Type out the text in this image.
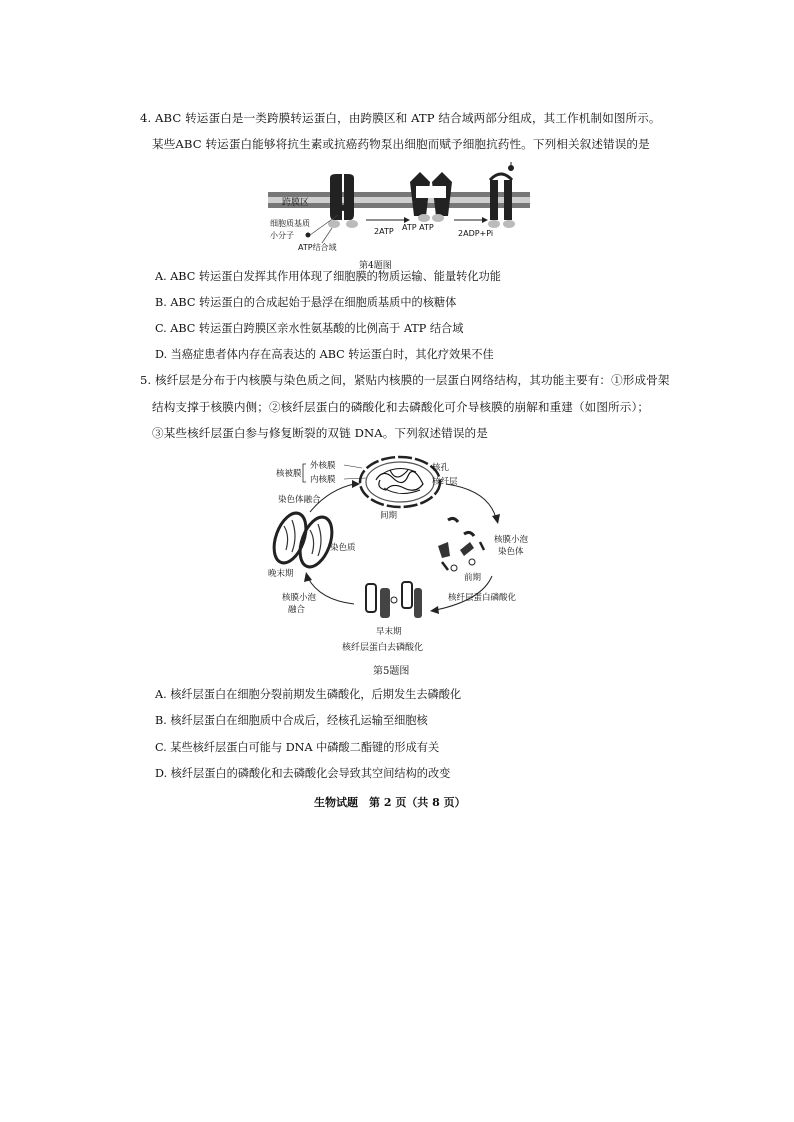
4. ABC 转运蛋白是一类跨膜转运蛋白，由跨膜区和 ATP 结合域两部分组成，其工作机制如图所示。
某些ABC 转运蛋白能够将抗生素或抗癌药物泵出细胞而赋予细胞抗药性。下列相关叙述错误的是
跨膜区
细胞质基质
小分子
ATP结合域
2ATP ATP ATP
2ADP+Pi
第4题图
A. ABC 转运蛋白发挥其作用体现了细胞膜的物质运输、能量转化功能
B. ABC 转运蛋白的合成起始于悬浮在细胞质基质中的核糖体
C. ABC 转运蛋白跨膜区亲水性氨基酸的比例高于 ATP 结合域
D. 当癌症患者体内存在高表达的 ABC 转运蛋白时，其化疗效果不佳
5. 核纤层是分布于内核膜与染色质之间，紧贴内核膜的一层蛋白网络结构，其功能主要有：①形成骨架
结构支撑于核膜内侧；②核纤层蛋白的磷酸化和去磷酸化可介导核膜的崩解和重建（如图所示）；
③某些核纤层蛋白参与修复断裂的双链 DNA。下列叙述错误的是
外核膜
内核膜
核被膜
核孔
核纤层
间期
染色体融合
染色质
核膜小泡
染色体
前期
晚末期
核膜小泡
融合
核纤层蛋白磷酸化
早末期
核纤层蛋白去磷酸化
第5题图
A. 核纤层蛋白在细胞分裂前期发生磷酸化，后期发生去磷酸化
B. 核纤层蛋白在细胞质中合成后，经核孔运输至细胞核
C. 某些核纤层蛋白可能与 DNA 中磷酸二酯键的形成有关
D. 核纤层蛋白的磷酸化和去磷酸化会导致其空间结构的改变
生物试题　第 2 页（共 8 页）
